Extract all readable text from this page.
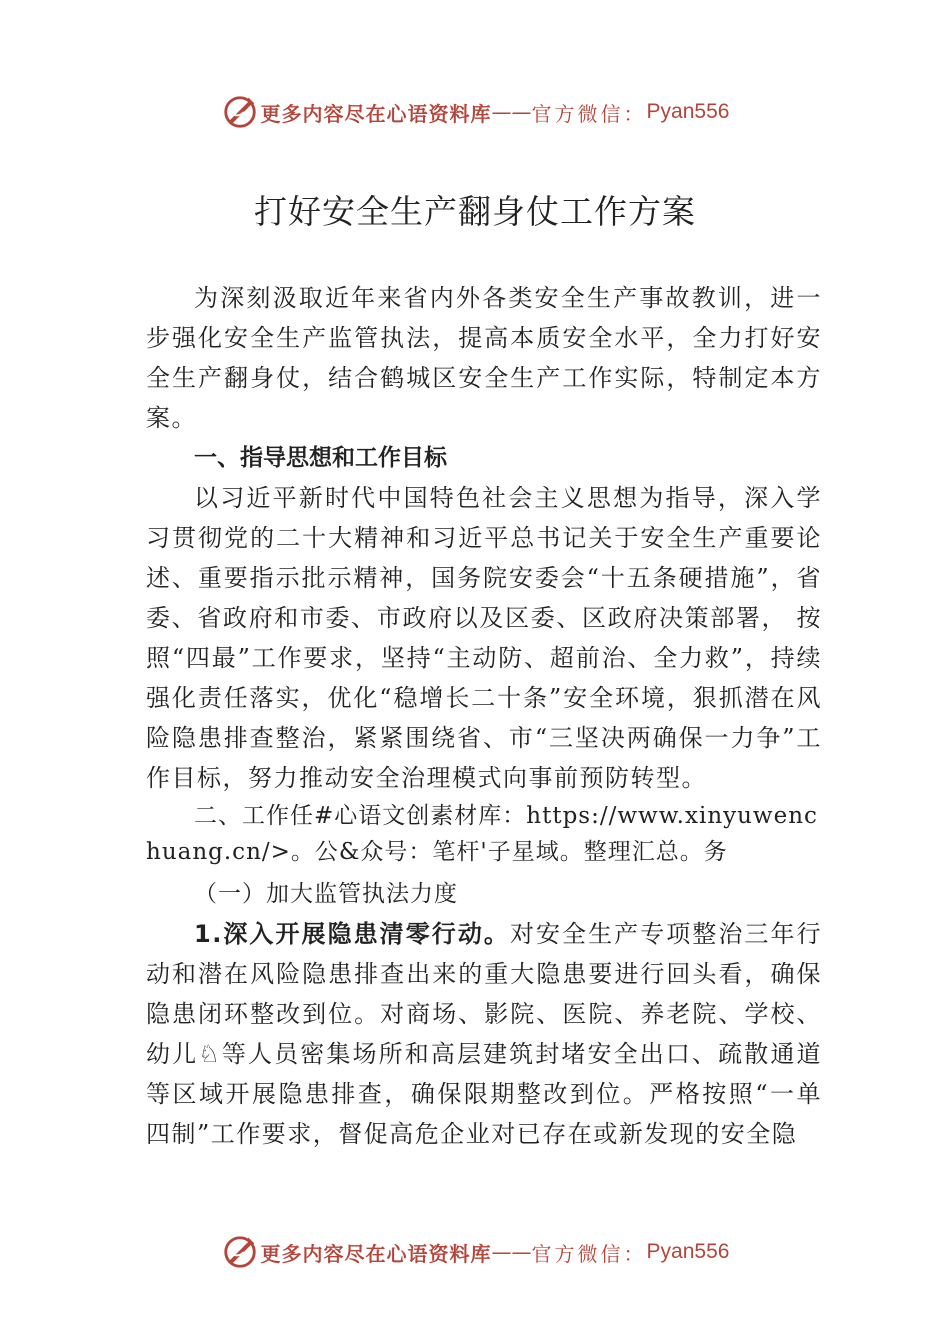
更多内容尽在心语资料库 —— 官方微信： Pyan556
打好安全生产翻身仗工作方案

为深刻汲取近年来省内外各类安全生产事故教训，进一步强化安全生产监管执法，提高本质安全水平，全力打好安全生产翻身仗，结合鹤城区安全生产工作实际，特制定本方案。

一、指导思想和工作目标

以习近平新时代中国特色社会主义思想为指导，深入学习贯彻党的二十大精神和习近平总书记关于安全生产重要论述、重要指示批示精神，国务院安委会“十五条硬措施”，省委、省政府和市委、市政府以及区委、区政府决策部署， 按照“四最”工作要求，坚持“主动防、超前治、全力救”，持续强化责任落实，优化“稳增长二十条”安全环境，狠抓潜在风险隐患排查整治，紧紧围绕省、市“三坚决两确保一力争”工作目标，努力推动安全治理模式向事前预防转型。

二、工作任#心语文创素材库：https://www.xinyuwenchuang.cn/>。公&众号：笔杆'子星域。整理汇总。务

（一）加大监管执法力度

1.深入开展隐患清零行动。对安全生产专项整治三年行动和潜在风险隐患排查出来的重大隐患要进行回头看，确保隐患闭环整改到位。对商场、影院、医院、养老院、学校、 幼儿♘等人员密集场所和高层建筑封堵安全出口、疏散通道等区域开展隐患排查，确保限期整改到位。严格按照“一单四制”工作要求，督促高危企业对已存在或新发现的安全隐

更多内容尽在心语资料库 —— 官方微信： Pyan556
